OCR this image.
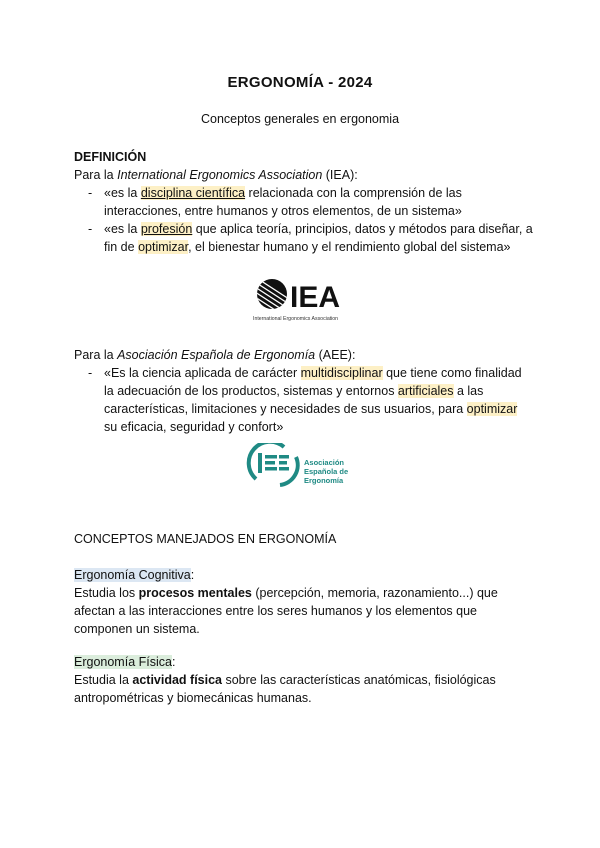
ERGONOMÍA - 2024
Conceptos generales en ergonomia
DEFINICIÓN
Para la International Ergonomics Association (IEA):
- «es la disciplina científica relacionada con la comprensión de las interacciones, entre humanos y otros elementos, de un sistema»
- «es la profesión que aplica teoría, principios, datos y métodos para diseñar, a fin de optimizar, el bienestar humano y el rendimiento global del sistema»
IEA
International Ergonomics Association
Para la Asociación Española de Ergonomía (AEE):
- «Es la ciencia aplicada de carácter multidisciplinar que tiene como finalidad la adecuación de los productos, sistemas y entornos artificiales a las características, limitaciones y necesidades de sus usuarios, para optimizar su eficacia, seguridad y confort»
Asociación
Española de
Ergonomía
CONCEPTOS MANEJADOS EN ERGONOMÍA
Ergonomía Cognitiva:
Estudia los procesos mentales (percepción, memoria, razonamiento...) que afectan a las interacciones entre los seres humanos y los elementos que componen un sistema.
Ergonomía Física:
Estudia la actividad física sobre las características anatómicas, fisiológicas antropométricas y biomecánicas humanas.
